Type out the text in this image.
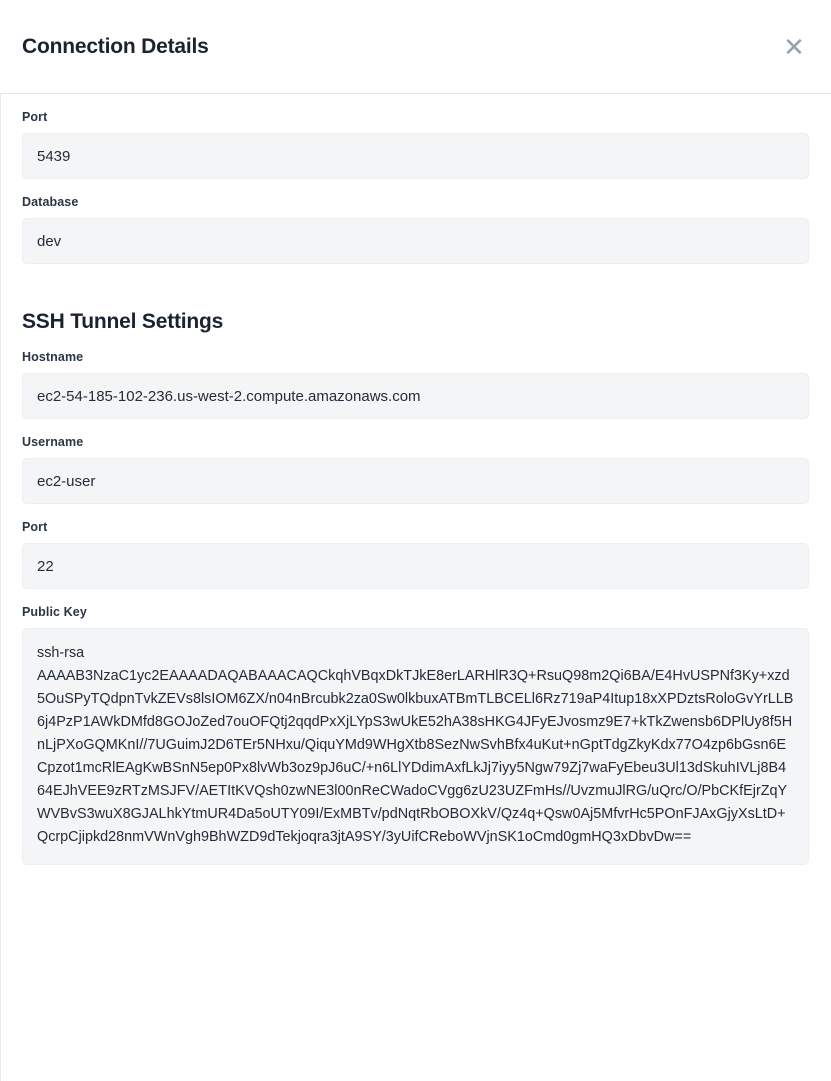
Connection Details	✕
Port
5439
Database
dev
SSH Tunnel Settings
Hostname
ec2-54-185-102-236.us-west-2.compute.amazonaws.com
Username
ec2-user
Port
22
Public Key
ssh-rsa
AAAAB3NzaC1yc2EAAAADAQABAAACAQCkqhVBqxDkTJkE8erLARHlR3Q+RsuQ98m2Qi6BA/E4HvUSPNf3Ky+xzd5OuSPyTQdpnTvkZEVs8lsIOM6ZX/n04nBrcubk2za0Sw0lkbuxATBmTLBCELl6Rz719aP4Itup18xXPDztsRoloGvYrLLB6j4PzP1AWkDMfd8GOJoZed7ouOFQtj2qqdPxXjLYpS3wUkE52hA38sHKG4JFyEJvosmz9E7+kTkZwensb6DPlUy8f5HnLjPXoGQMKnI//7UGuimJ2D6TEr5NHxu/QiquYMd9WHgXtb8SezNwSvhBfx4uKut+nGptTdgZkyKdx77O4zp6bGsn6ECpzot1mcRlEAgKwBSnN5ep0Px8lvWb3oz9pJ6uC/+n6LlYDdimAxfLkJj7iyy5Ngw79Zj7waFyEbeu3Ul13dSkuhIVLj8B464EJhVEE9zRTzMSJFV/AETItKVQsh0zwNE3l00nReCWadoCVgg6zU23UZFmHs//UvzmuJlRG/uQrc/O/PbCKfEjrZqYWVBvS3wuX8GJALhkYtmUR4Da5oUTY09I/ExMBTv/pdNqtRbOBOXkV/Qz4q+Qsw0Aj5MfvrHc5POnFJAxGjyXsLtD+QcrpCjipkd28nmVWnVgh9BhWZD9dTekjoqra3jtA9SY/3yUifCReboWVjnSK1oCmd0gmHQ3xDbvDw==
